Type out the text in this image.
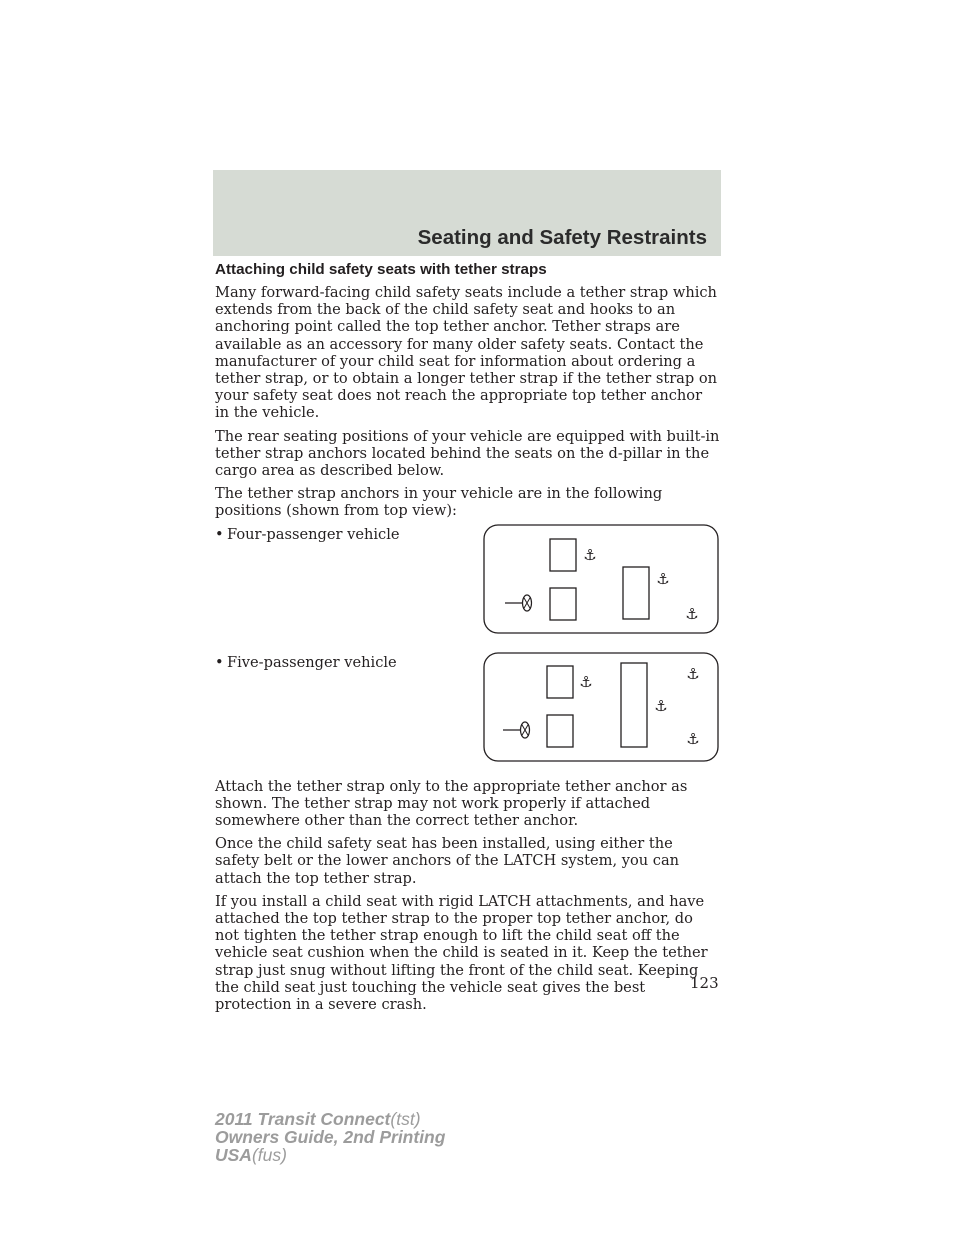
Seating and Safety Restraints
Attaching child safety seats with tether straps

Many forward-facing child safety seats include a tether strap which extends from the back of the child safety seat and hooks to an anchoring point called the top tether anchor. Tether straps are available as an accessory for many older safety seats. Contact the manufacturer of your child seat for information about ordering a tether strap, or to obtain a longer tether strap if the tether strap on your safety seat does not reach the appropriate top tether anchor in the vehicle.

The rear seating positions of your vehicle are equipped with built-in tether strap anchors located behind the seats on the d-pillar in the cargo area as described below.

The tether strap anchors in your vehicle are in the following positions (shown from top view):

• Four-passenger vehicle
⚓
⚓
⚓
• Five-passenger vehicle
⚓	⚓
⚓
⚓

Attach the tether strap only to the appropriate tether anchor as shown. The tether strap may not work properly if attached somewhere other than the correct tether anchor.

Once the child safety seat has been installed, using either the safety belt or the lower anchors of the LATCH system, you can attach the top tether strap.

If you install a child seat with rigid LATCH attachments, and have attached the top tether strap to the proper top tether anchor, do not tighten the tether strap enough to lift the child seat off the vehicle seat cushion when the child is seated in it. Keep the tether strap just snug without lifting the front of the child seat. Keeping the child seat just touching the vehicle seat gives the best protection in a severe crash.

123
2011 Transit Connect(tst)
Owners Guide, 2nd Printing
USA(fus)
